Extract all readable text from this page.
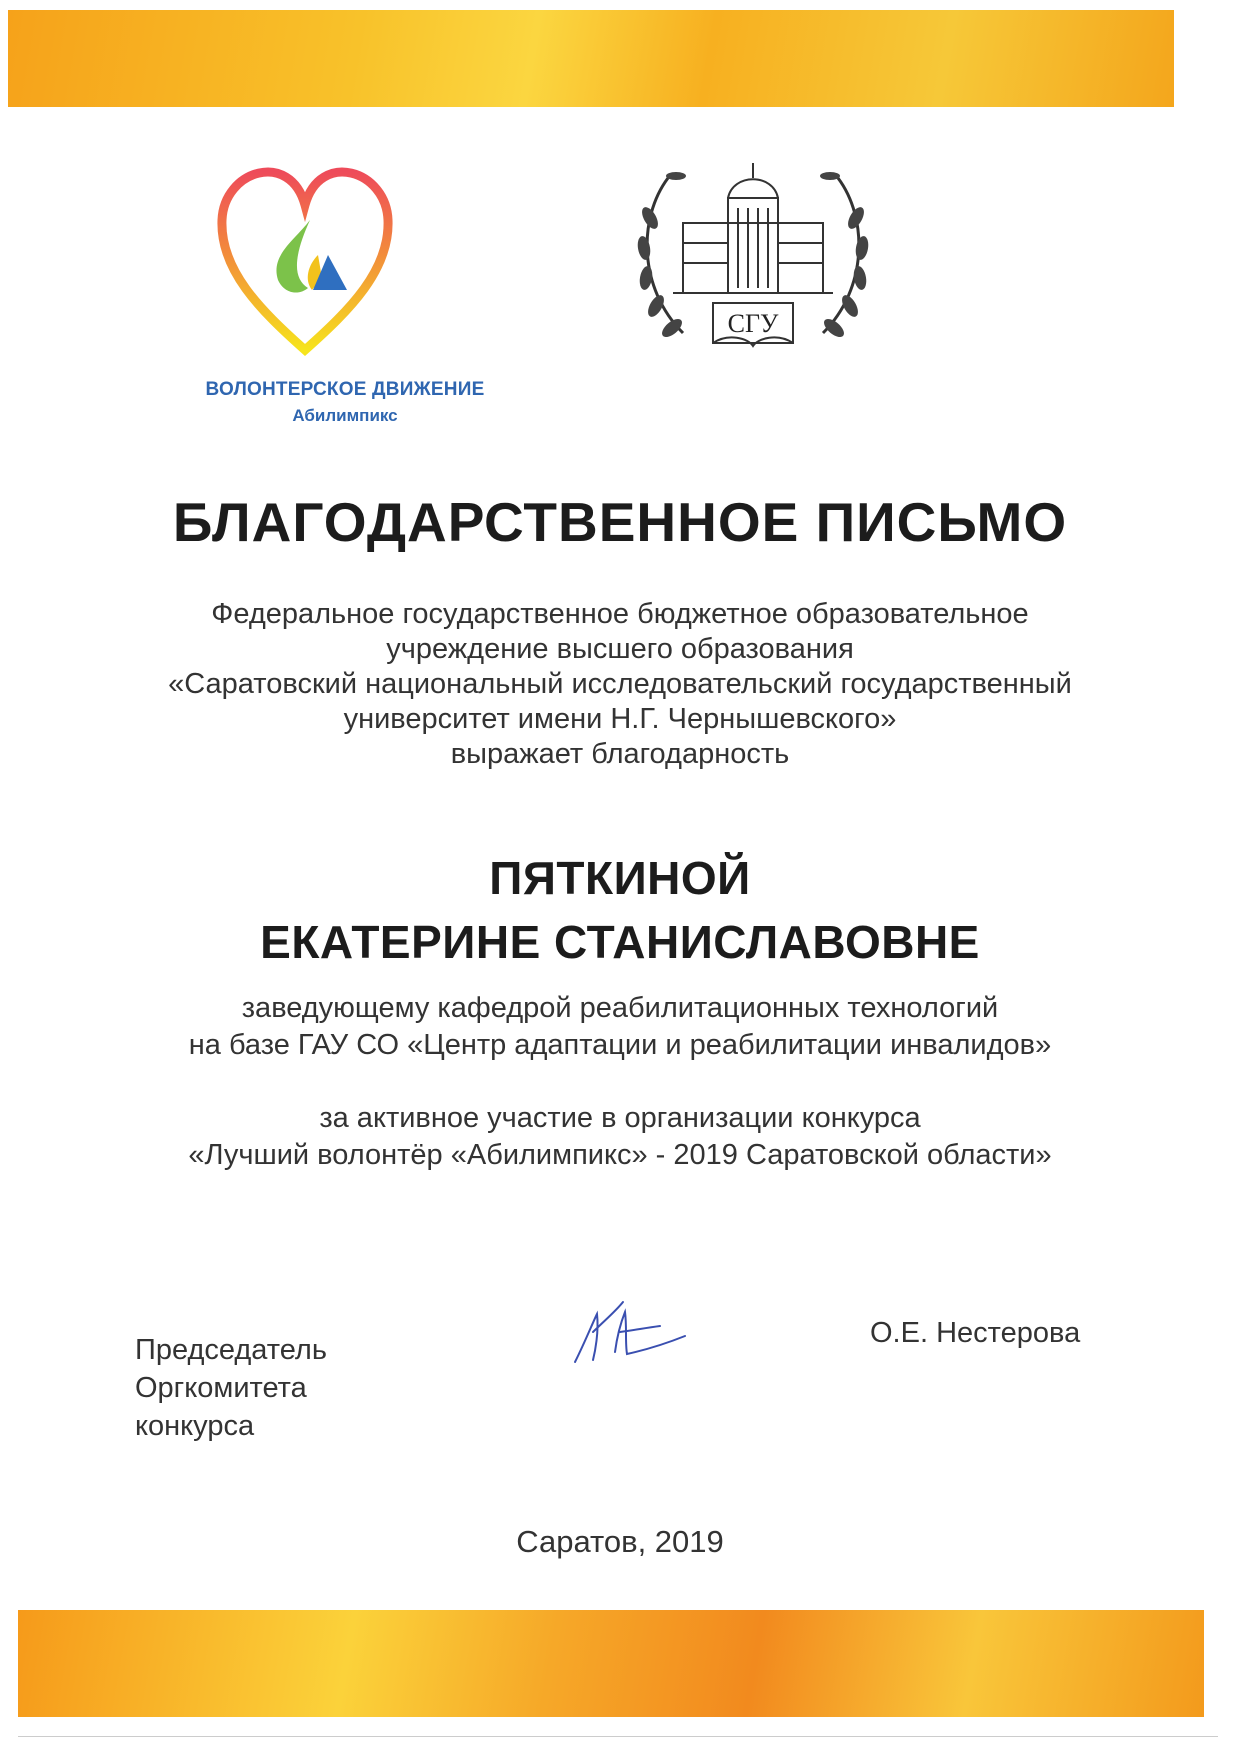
ВОЛОНТЕРСКОЕ ДВИЖЕНИЕ
Абилимпикс
СГУ
БЛАГОДАРСТВЕННОЕ ПИСЬМО
Федеральное государственное бюджетное образовательное
учреждение высшего образования
«Саратовский национальный исследовательский государственный
университет имени Н.Г. Чернышевского»
выражает благодарность
ПЯТКИНОЙ
ЕКАТЕРИНЕ СТАНИСЛАВОВНЕ
заведующему кафедрой реабилитационных технологий
на базе ГАУ СО «Центр адаптации и реабилитации инвалидов»
за активное участие в организации конкурса
«Лучший волонтёр «Абилимпикс» - 2019 Саратовской области»
Председатель
Оргкомитета
конкурса
О.Е. Нестерова
Саратов, 2019
